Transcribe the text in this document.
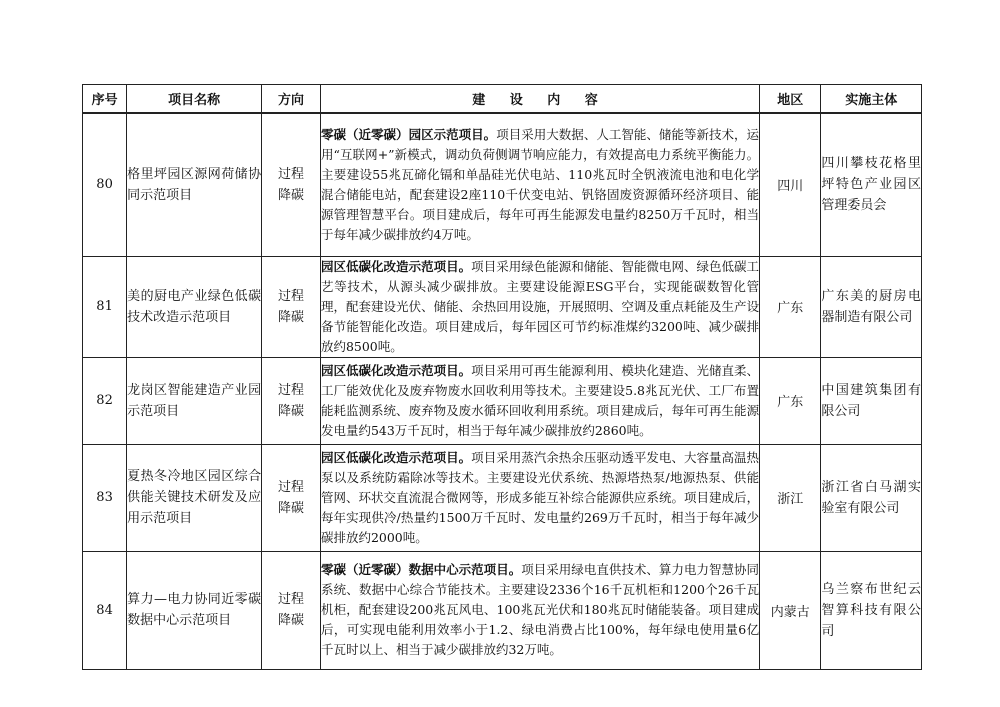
序号	项目名称	方向	建 设 内 容	地区	实施主体
80	格里坪园区源网荷储协同示范项目	过程降碳	零碳（近零碳）园区示范项目。项目采用大数据、人工智能、储能等新技术，运用“互联网+”新模式，调动负荷侧调节响应能力，有效提高电力系统平衡能力。主要建设55兆瓦碲化镉和单晶硅光伏电站、110兆瓦时全钒液流电池和电化学混合储能电站，配套建设2座110千伏变电站、钒铬固废资源循环经济项目、能源管理智慧平台。项目建成后，每年可再生能源发电量约8250万千瓦时，相当于每年减少碳排放约4万吨。	四川	四川攀枝花格里坪特色产业园区管理委员会
81	美的厨电产业绿色低碳技术改造示范项目	过程降碳	园区低碳化改造示范项目。项目采用绿色能源和储能、智能微电网、绿色低碳工艺等技术，从源头减少碳排放。主要建设能源ESG平台，实现能碳数智化管理，配套建设光伏、储能、余热回用设施，开展照明、空调及重点耗能及生产设备节能智能化改造。项目建成后，每年园区可节约标准煤约3200吨、减少碳排放约8500吨。	广东	广东美的厨房电器制造有限公司
82	龙岗区智能建造产业园示范项目	过程降碳	园区低碳化改造示范项目。项目采用可再生能源利用、模块化建造、光储直柔、工厂能效优化及废弃物废水回收利用等技术。主要建设5.8兆瓦光伏、工厂布置能耗监测系统、废弃物及废水循环回收利用系统。项目建成后，每年可再生能源发电量约543万千瓦时，相当于每年减少碳排放约2860吨。	广东	中国建筑集团有限公司
83	夏热冬冷地区园区综合供能关键技术研发及应用示范项目	过程降碳	园区低碳化改造示范项目。项目采用蒸汽余热余压驱动透平发电、大容量高温热泵以及系统防霜除冰等技术。主要建设光伏系统、热源塔热泵/地源热泵、供能管网、环状交直流混合微网等，形成多能互补综合能源供应系统。项目建成后，每年实现供冷/热量约1500万千瓦时、发电量约269万千瓦时，相当于每年减少碳排放约2000吨。	浙江	浙江省白马湖实验室有限公司
84	算力—电力协同近零碳数据中心示范项目	过程降碳	零碳（近零碳）数据中心示范项目。项目采用绿电直供技术、算力电力智慧协同系统、数据中心综合节能技术。主要建设2336个16千瓦机柜和1200个26千瓦机柜，配套建设200兆瓦风电、100兆瓦光伏和180兆瓦时储能装备。项目建成后，可实现电能利用效率小于1.2、绿电消费占比100%，每年绿电使用量6亿千瓦时以上、相当于减少碳排放约32万吨。	内蒙古	乌兰察布世纪云智算科技有限公司
